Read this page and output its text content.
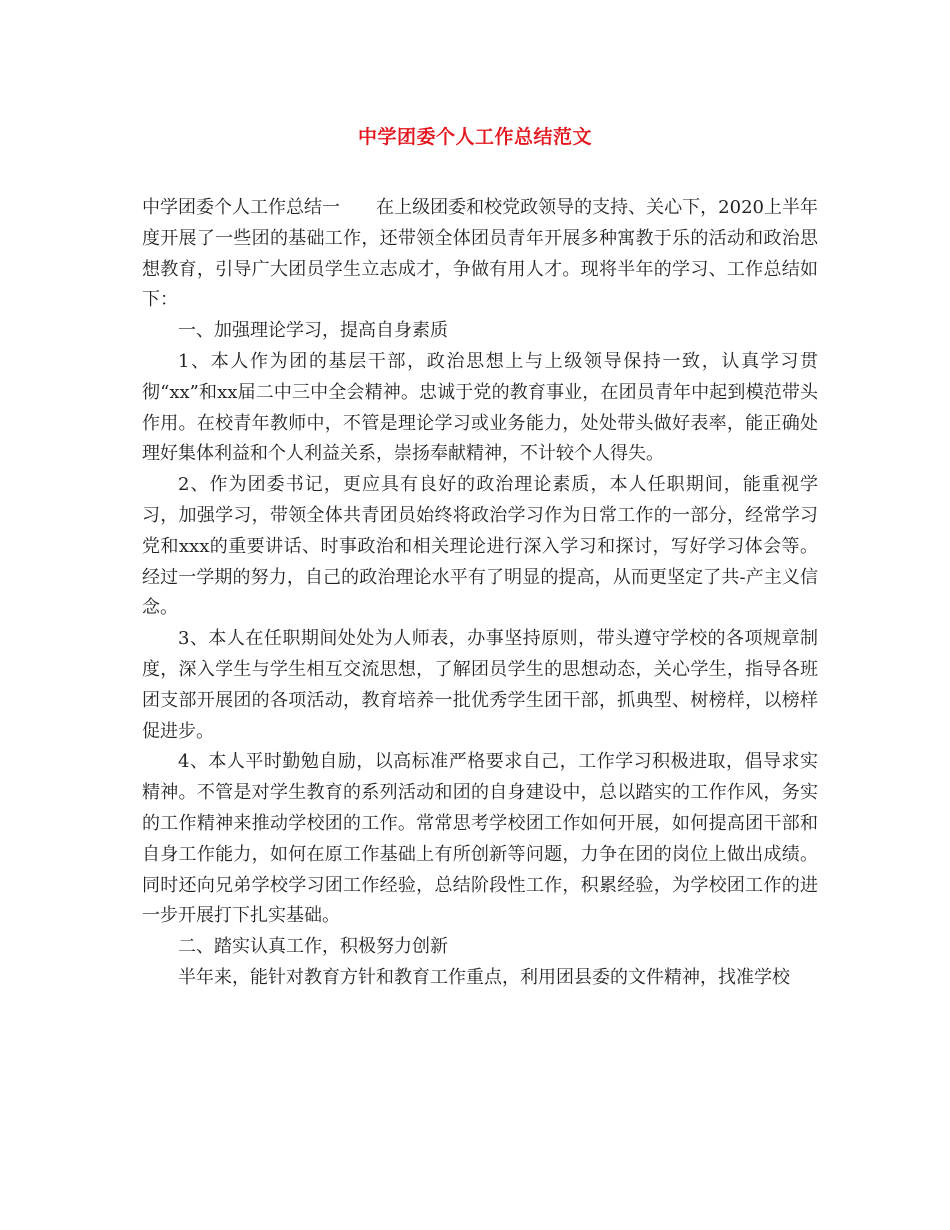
中学团委个人工作总结范文

中学团委个人工作总结一 在上级团委和校党政领导的支持、关心下，2020上半年度开展了一些团的基础工作，还带领全体团员青年开展多种寓教于乐的活动和政治思想教育，引导广大团员学生立志成才，争做有用人才。现将半年的学习、工作总结如下：

一、加强理论学习，提高自身素质

1、本人作为团的基层干部，政治思想上与上级领导保持一致，认真学习贯彻“xx”和xx届二中三中全会精神。忠诚于党的教育事业，在团员青年中起到模范带头作用。在校青年教师中，不管是理论学习或业务能力，处处带头做好表率，能正确处理好集体利益和个人利益关系，崇扬奉献精神，不计较个人得失。

2、作为团委书记，更应具有良好的政治理论素质，本人任职期间，能重视学习，加强学习，带领全体共青团员始终将政治学习作为日常工作的一部分，经常学习党和xxx的重要讲话、时事政治和相关理论进行深入学习和探讨，写好学习体会等。经过一学期的努力，自己的政治理论水平有了明显的提高，从而更坚定了共-产主义信念。

3、本人在任职期间处处为人师表，办事坚持原则，带头遵守学校的各项规章制度，深入学生与学生相互交流思想，了解团员学生的思想动态，关心学生，指导各班团支部开展团的各项活动，教育培养一批优秀学生团干部，抓典型、树榜样，以榜样促进步。

4、本人平时勤勉自励，以高标准严格要求自己，工作学习积极进取，倡导求实精神。不管是对学生教育的系列活动和团的自身建设中，总以踏实的工作作风，务实的工作精神来推动学校团的工作。常常思考学校团工作如何开展，如何提高团干部和自身工作能力，如何在原工作基础上有所创新等问题，力争在团的岗位上做出成绩。同时还向兄弟学校学习团工作经验，总结阶段性工作，积累经验，为学校团工作的进一步开展打下扎实基础。

二、踏实认真工作，积极努力创新

半年来，能针对教育方针和教育工作重点，利用团县委的文件精神，找准学校
